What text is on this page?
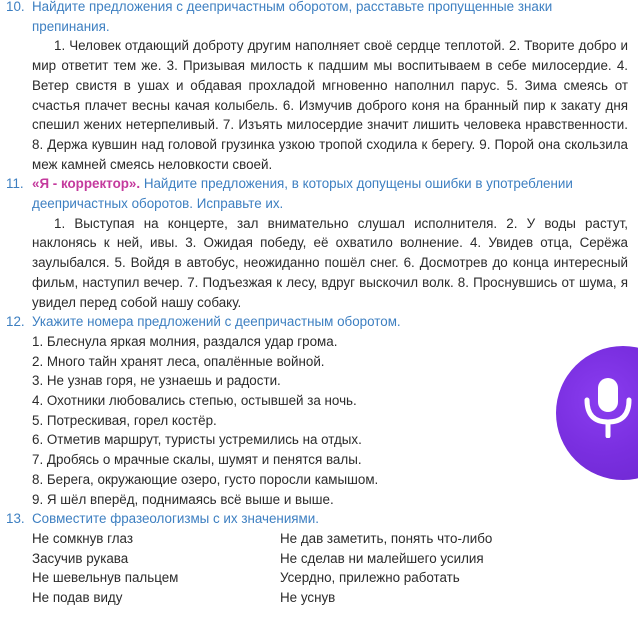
10. Найдите предложения с деепричастным оборотом, расставьте пропущенные знаки препинания.
1. Человек отдающий доброту другим наполняет своё сердце теплотой. 2. Творите добро и мир ответит тем же. 3. Призывая милость к падшим мы воспитываем в себе милосердие. 4. Ветер свистя в ушах и обдавая прохладой мгновенно наполнил парус. 5. Зима смеясь от счастья плачет весны качая колыбель. 6. Измучив доброго коня на бранный пир к закату дня спешил жених нетерпеливый. 7. Изъять милосердие значит лишить человека нравственности. 8. Держа кувшин над головой грузинка узкою тропой сходила к берегу. 9. Порой она скользила меж камней смеясь неловкости своей.
11. «Я - корректор». Найдите предложения, в которых допущены ошибки в употреблении деепричастных оборотов. Исправьте их.
1. Выступая на концерте, зал внимательно слушал исполнителя. 2. У воды растут, наклонясь к ней, ивы. 3. Ожидая победу, её охватило волнение. 4. Увидев отца, Серёжа заулыбался. 5. Войдя в автобус, неожиданно пошёл снег. 6. Досмотрев до конца интересный фильм, наступил вечер. 7. Подъезжая к лесу, вдруг выскочил волк. 8. Проснувшись от шума, я увидел перед собой нашу собаку.
12. Укажите номера предложений с деепричастным оборотом.
1. Блеснула яркая молния, раздался удар грома.
2. Много тайн хранят леса, опалённые войной.
3. Не узнав горя, не узнаешь и радости.
4. Охотники любовались степью, остывшей за ночь.
5. Потрескивая, горел костёр.
6. Отметив маршрут, туристы устремились на отдых.
7. Дробясь о мрачные скалы, шумят и пенятся валы.
8. Берега, окружающие озеро, густо поросли камышом.
9. Я шёл вперёд, поднимаясь всё выше и выше.
13. Совместите фразеологизмы с их значениями.
Не сомкнув глаз	Не дав заметить, понять что-либо
Засучив рукава	Не сделав ни малейшего усилия
Не шевельнув пальцем	Усердно, прилежно работать
Не подав виду	Не уснув
